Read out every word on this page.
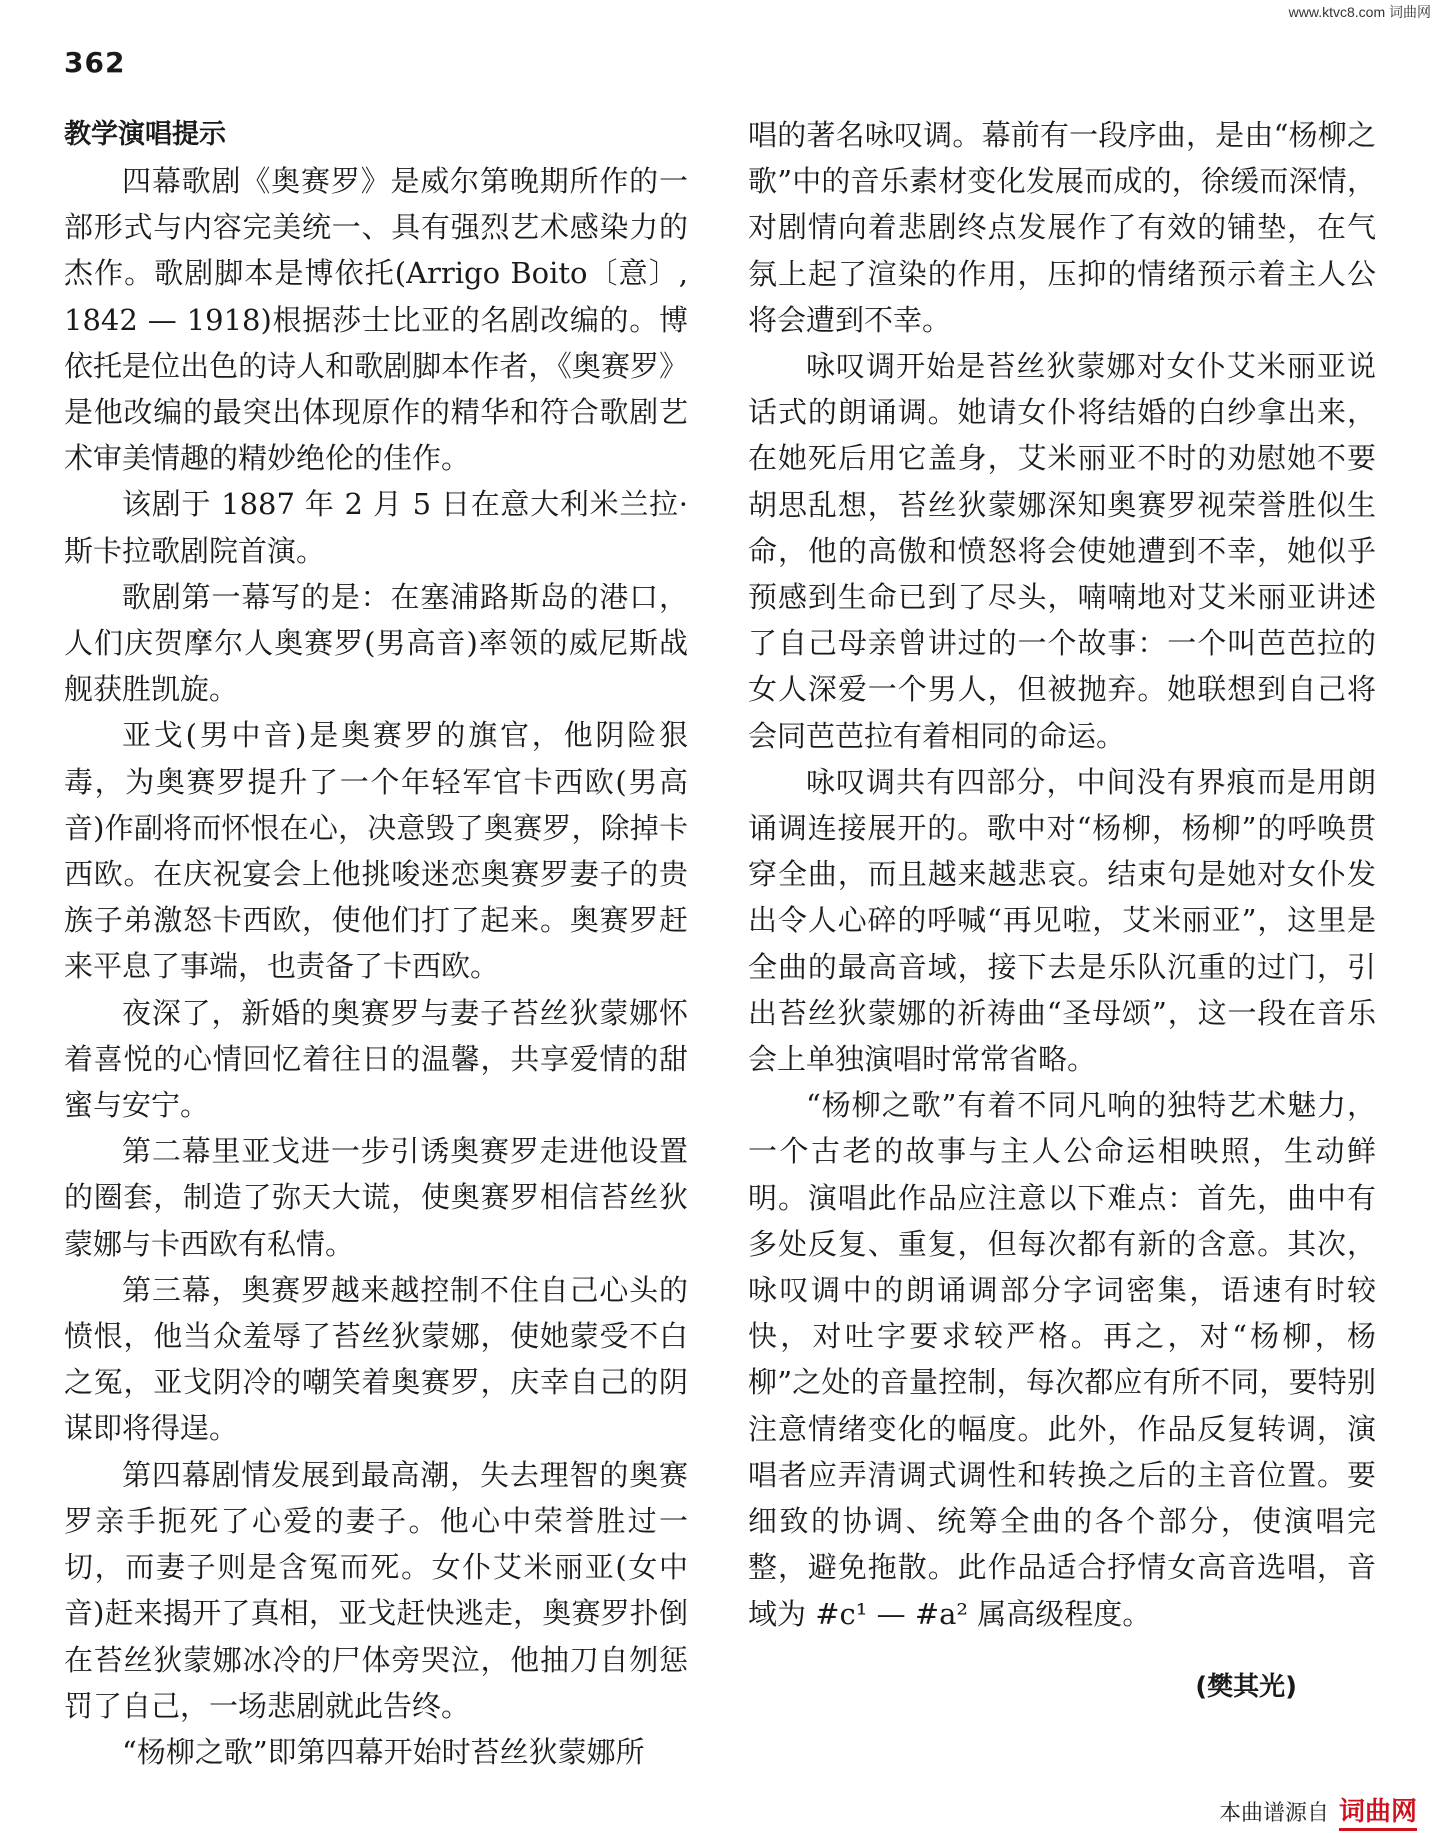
www.ktvc8.com 词曲网
362
教学演唱提示

四幕歌剧《奥赛罗》是威尔第晚期所作的一部形式与内容完美统一、具有强烈艺术感染力的杰作。歌剧脚本是博依托(Arrigo Boito〔意〕, 1842 — 1918)根据莎士比亚的名剧改编的。博依托是位出色的诗人和歌剧脚本作者，《奥赛罗》是他改编的最突出体现原作的精华和符合歌剧艺术审美情趣的精妙绝伦的佳作。

该剧于 1887 年 2 月 5 日在意大利米兰拉· 斯卡拉歌剧院首演。

歌剧第一幕写的是：在塞浦路斯岛的港口，人们庆贺摩尔人奥赛罗(男高音)率领的威尼斯战舰获胜凯旋。

亚戈(男中音)是奥赛罗的旗官，他阴险狠毒，为奥赛罗提升了一个年轻军官卡西欧(男高音)作副将而怀恨在心，决意毁了奥赛罗，除掉卡西欧。在庆祝宴会上他挑唆迷恋奥赛罗妻子的贵族子弟激怒卡西欧，使他们打了起来。奥赛罗赶来平息了事端，也责备了卡西欧。

夜深了，新婚的奥赛罗与妻子苔丝狄蒙娜怀着喜悦的心情回忆着往日的温馨，共享爱情的甜蜜与安宁。

第二幕里亚戈进一步引诱奥赛罗走进他设置的圈套，制造了弥天大谎，使奥赛罗相信苔丝狄蒙娜与卡西欧有私情。

第三幕，奥赛罗越来越控制不住自己心头的愤恨，他当众羞辱了苔丝狄蒙娜，使她蒙受不白之冤，亚戈阴冷的嘲笑着奥赛罗，庆幸自己的阴谋即将得逞。

第四幕剧情发展到最高潮，失去理智的奥赛罗亲手扼死了心爱的妻子。他心中荣誉胜过一切，而妻子则是含冤而死。女仆艾米丽亚(女中音)赶来揭开了真相，亚戈赶快逃走，奥赛罗扑倒在苔丝狄蒙娜冰冷的尸体旁哭泣，他抽刀自刎惩罚了自己，一场悲剧就此告终。

“杨柳之歌”即第四幕开始时苔丝狄蒙娜所

唱的著名咏叹调。幕前有一段序曲，是由“杨柳之歌”中的音乐素材变化发展而成的，徐缓而深情，对剧情向着悲剧终点发展作了有效的铺垫，在气氛上起了渲染的作用，压抑的情绪预示着主人公将会遭到不幸。

咏叹调开始是苔丝狄蒙娜对女仆艾米丽亚说话式的朗诵调。她请女仆将结婚的白纱拿出来，在她死后用它盖身，艾米丽亚不时的劝慰她不要胡思乱想，苔丝狄蒙娜深知奥赛罗视荣誉胜似生命，他的高傲和愤怒将会使她遭到不幸，她似乎预感到生命已到了尽头，喃喃地对艾米丽亚讲述了自己母亲曾讲过的一个故事：一个叫芭芭拉的女人深爱一个男人，但被抛弃。她联想到自己将会同芭芭拉有着相同的命运。

咏叹调共有四部分，中间没有界痕而是用朗诵调连接展开的。歌中对“杨柳，杨柳”的呼唤贯穿全曲，而且越来越悲哀。结束句是她对女仆发出令人心碎的呼喊“再见啦，艾米丽亚”，这里是全曲的最高音域，接下去是乐队沉重的过门，引出苔丝狄蒙娜的祈祷曲“圣母颂”，这一段在音乐会上单独演唱时常常省略。

“杨柳之歌”有着不同凡响的独特艺术魅力，一个古老的故事与主人公命运相映照，生动鲜明。演唱此作品应注意以下难点：首先，曲中有多处反复、重复，但每次都有新的含意。其次，咏叹调中的朗诵调部分字词密集，语速有时较快，对吐字要求较严格。再之，对“杨柳，杨柳”之处的音量控制，每次都应有所不同，要特别注意情绪变化的幅度。此外，作品反复转调，演唱者应弄清调式调性和转换之后的主音位置。要细致的协调、统筹全曲的各个部分，使演唱完整，避免拖散。此作品适合抒情女高音选唱，音域为 #c¹ — #a² 属高级程度。

(樊其光)
本曲谱源自 词曲网
